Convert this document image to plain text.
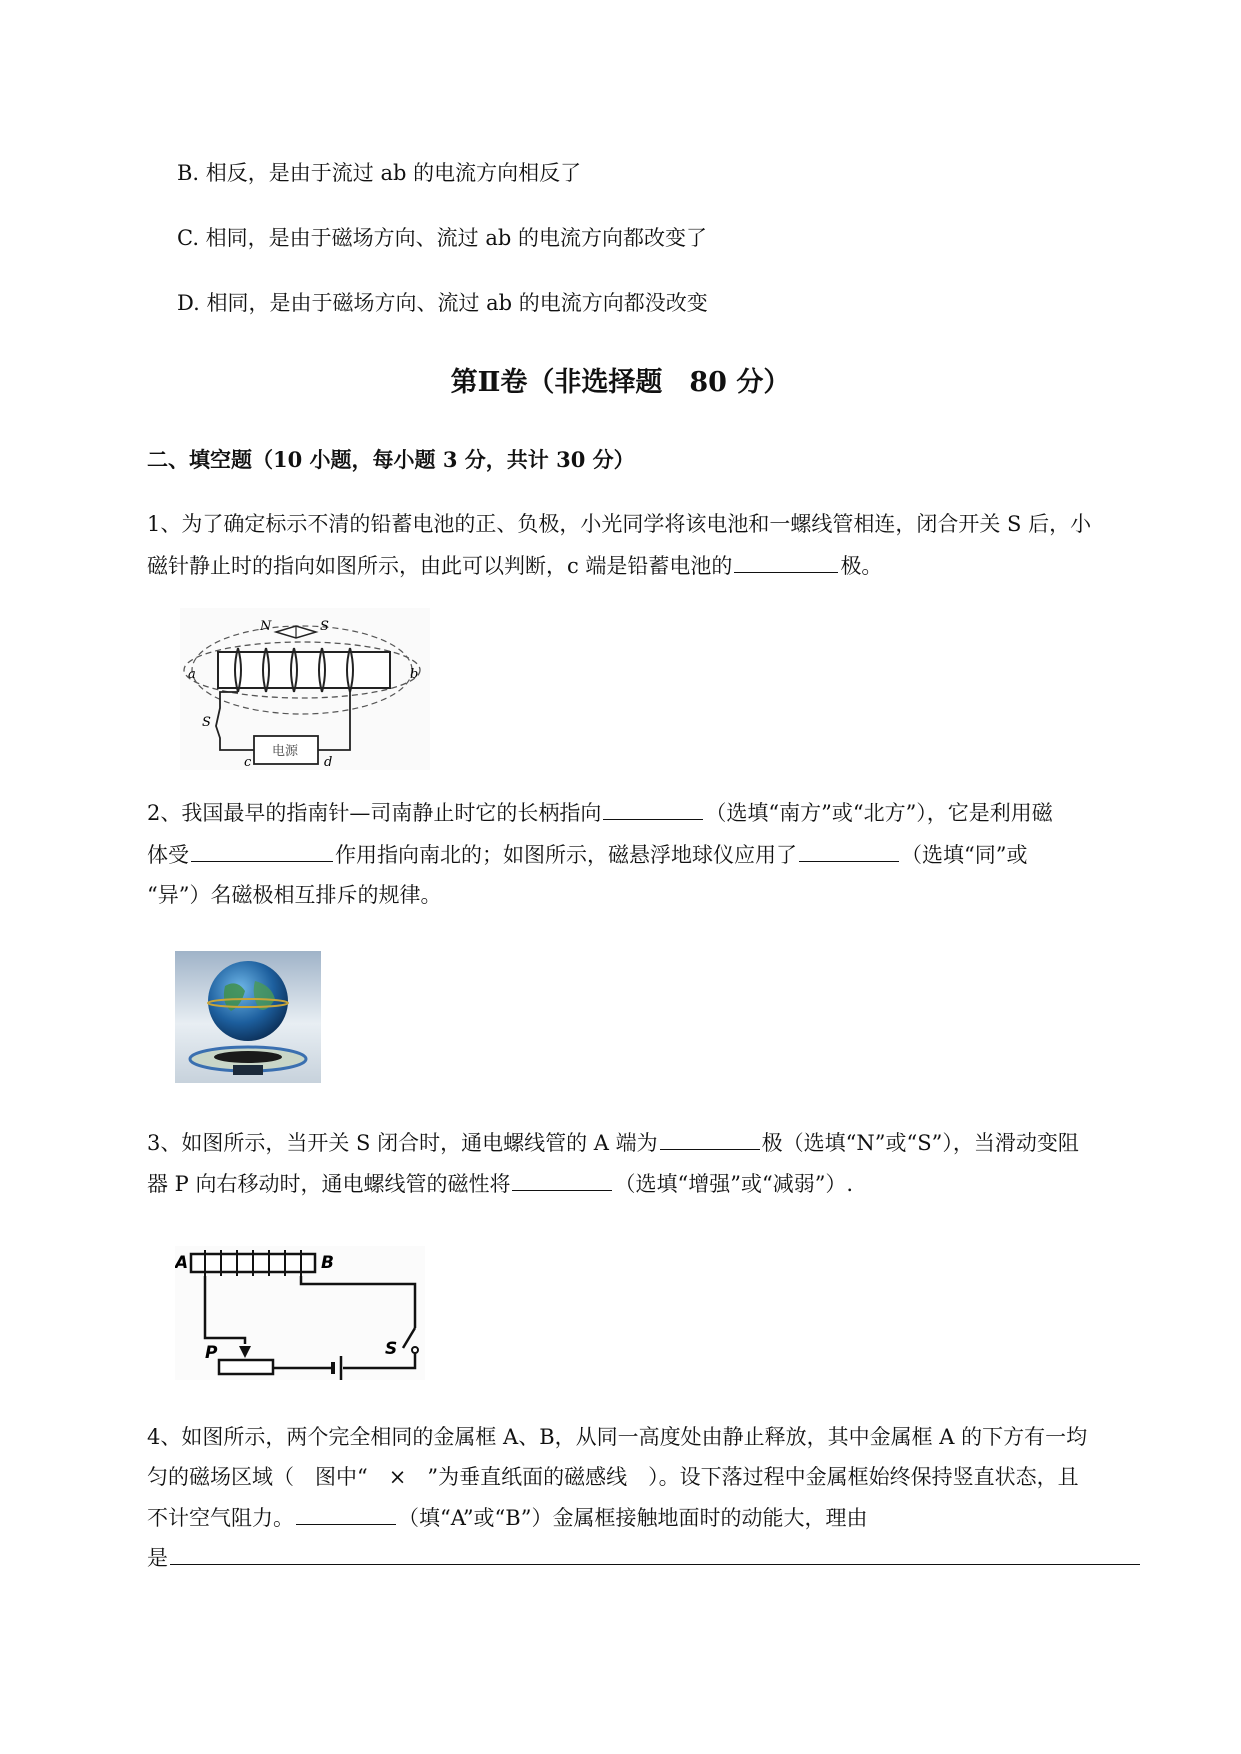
B. 相反，是由于流过 ab 的电流方向相反了
C. 相同，是由于磁场方向、流过 ab 的电流方向都改变了
D. 相同，是由于磁场方向、流过 ab 的电流方向都没改变
第Ⅱ卷（非选择题　80 分）
二、填空题（10 小题，每小题 3 分，共计 30 分）
1、为了确定标示不清的铅蓄电池的正、负极，小光同学将该电池和一螺线管相连，闭合开关 S 后，小
磁针静止时的指向如图所示，由此可以判断，c 端是铅蓄电池的	极。
N	S
a	b
S
电源
c	d
2、我国最早的指南针—司南静止时它的长柄指向	（选填“南方”或“北方”），它是利用磁
体受	作用指向南北的；如图所示，磁悬浮地球仪应用了	（选填“同”或
“异”）名磁极相互排斥的规律。
3、如图所示，当开关 S 闭合时，通电螺线管的 A 端为	极（选填“N”或“S”），当滑动变阻
器 P 向右移动时，通电螺线管的磁性将	（选填“增强”或“减弱”）.
A	B
S
P
4、如图所示，两个完全相同的金属框 A、B，从同一高度处由静止释放，其中金属框 A 的下方有一均
匀的磁场区域（　图中“　×　”为垂直纸面的磁感线　）。设下落过程中金属框始终保持竖直状态，且
不计空气阻力。	（填“A”或“B”）金属框接触地面时的动能大，理由
是
